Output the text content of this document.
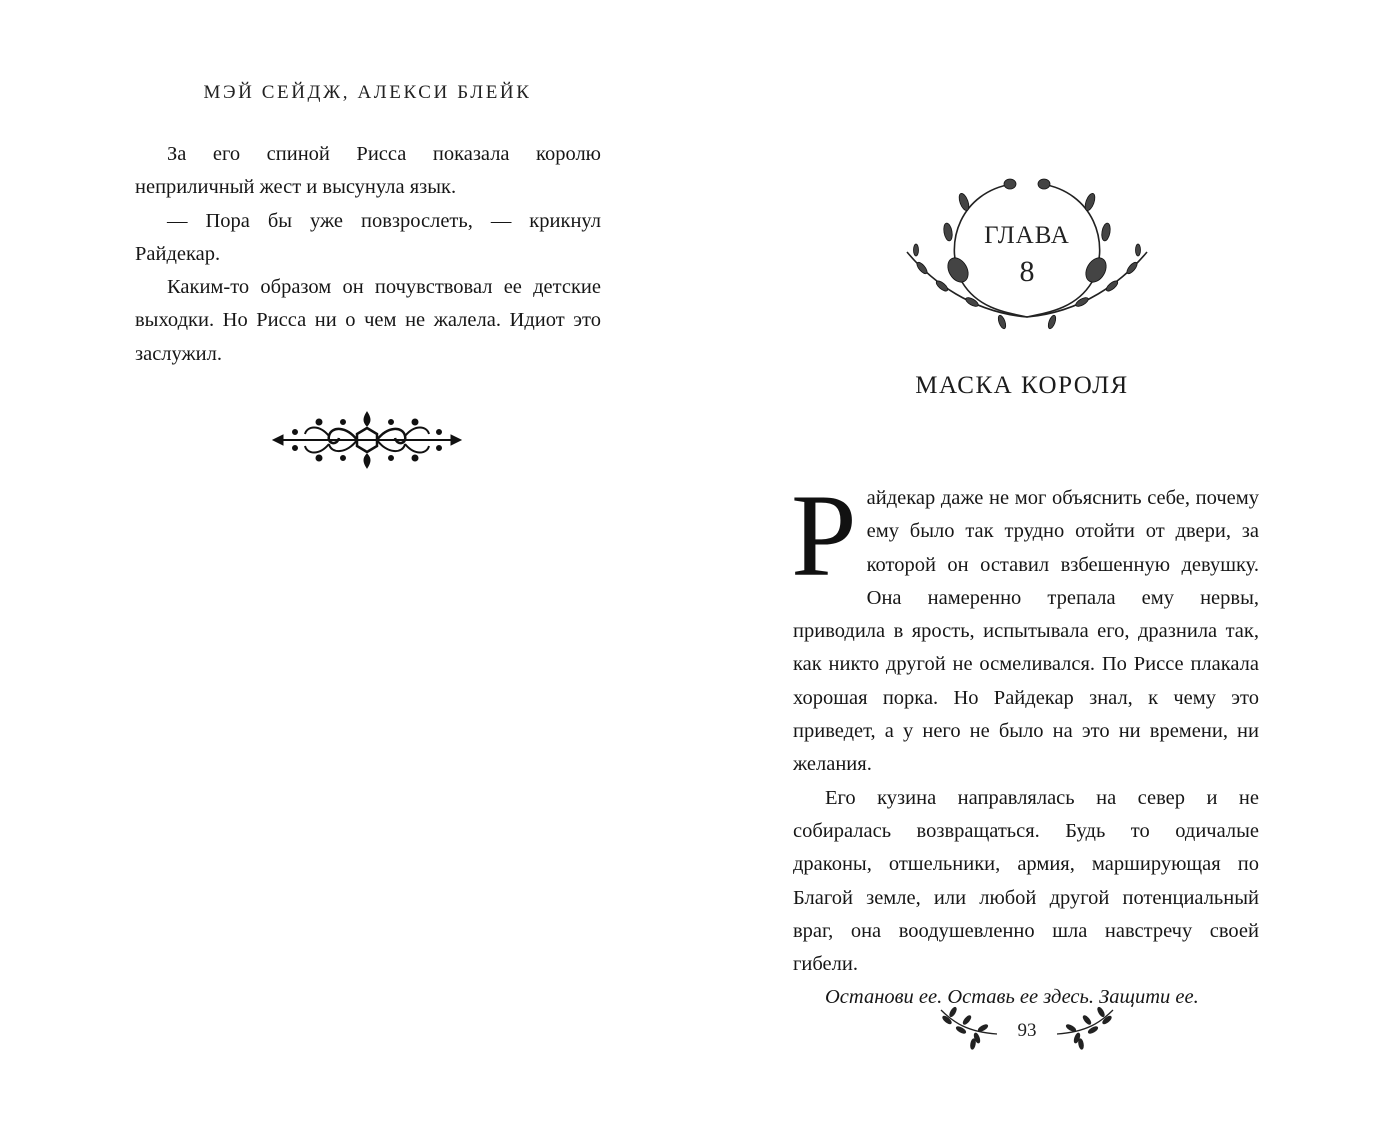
МЭЙ СЕЙДЖ, АЛЕКСИ БЛЕЙК

За его спиной Рисса показала королю неприличный жест и высунула язык.

— Пора бы уже повзрослеть, — крикнул Райдекар.

Каким-то образом он почувствовал ее детские выходки. Но Рисса ни о чем не жалела. Идиот это заслужил.

ГЛАВА
8
МАСКА КОРОЛЯ

Райдекар даже не мог объяснить себе, почему ему было так трудно отойти от двери, за которой он оставил взбешенную девушку. Она намеренно трепала ему нервы, приводила в ярость, испытывала его, дразнила так, как никто другой не осмеливался. По Риссе плакала хорошая порка. Но Райдекар знал, к чему это приведет, а у него не было на это ни времени, ни желания.

Его кузина направлялась на север и не собиралась возвращаться. Будь то одичалые драконы, отшельники, армия, марширующая по Благой земле, или любой другой потенциальный враг, она воодушевленно шла навстречу своей гибели.

Останови ее. Оставь ее здесь. Защити ее.

93
